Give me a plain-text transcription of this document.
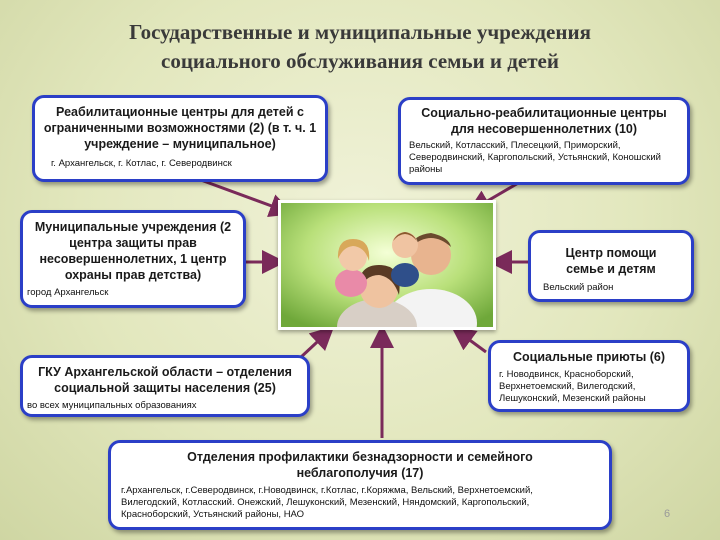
Государственные и муниципальные учреждения
социального обслуживания семьи и детей
Реабилитационные центры для детей с ограниченными возможностями (2) (в т. ч. 1 учреждение – муниципальное)
г. Архангельск, г. Котлас, г. Северодвинск
Социально-реабилитационные центры для несовершеннолетних (10)
Вельский, Котласский, Плесецкий, Приморский, Северодвинский, Каргопольский, Устьянский, Коношский районы
Муниципальные учреждения (2 центра защиты прав несовершеннолетних, 1 центр охраны прав детства)
город Архангельск
Центр помощи семье и детям
Вельский район
ГКУ Архангельской области – отделения социальной защиты населения (25)
во всех муниципальных образованиях
Социальные приюты (6)
г. Новодвинск, Красноборский, Верхнетоемский, Вилегодский, Лешуконский, Мезенский районы
Отделения профилактики безнадзорности и семейного неблагополучия (17)
г.Архангельск, г.Северодвинск, г.Новодвинск, г.Котлас, г.Коряжма, Вельский, Верхнетоемский, Вилегодский, Котласский. Онежский, Лешуконский, Мезенский, Няндомский, Каргопольский, Красноборский, Устьянский районы, НАО	6
